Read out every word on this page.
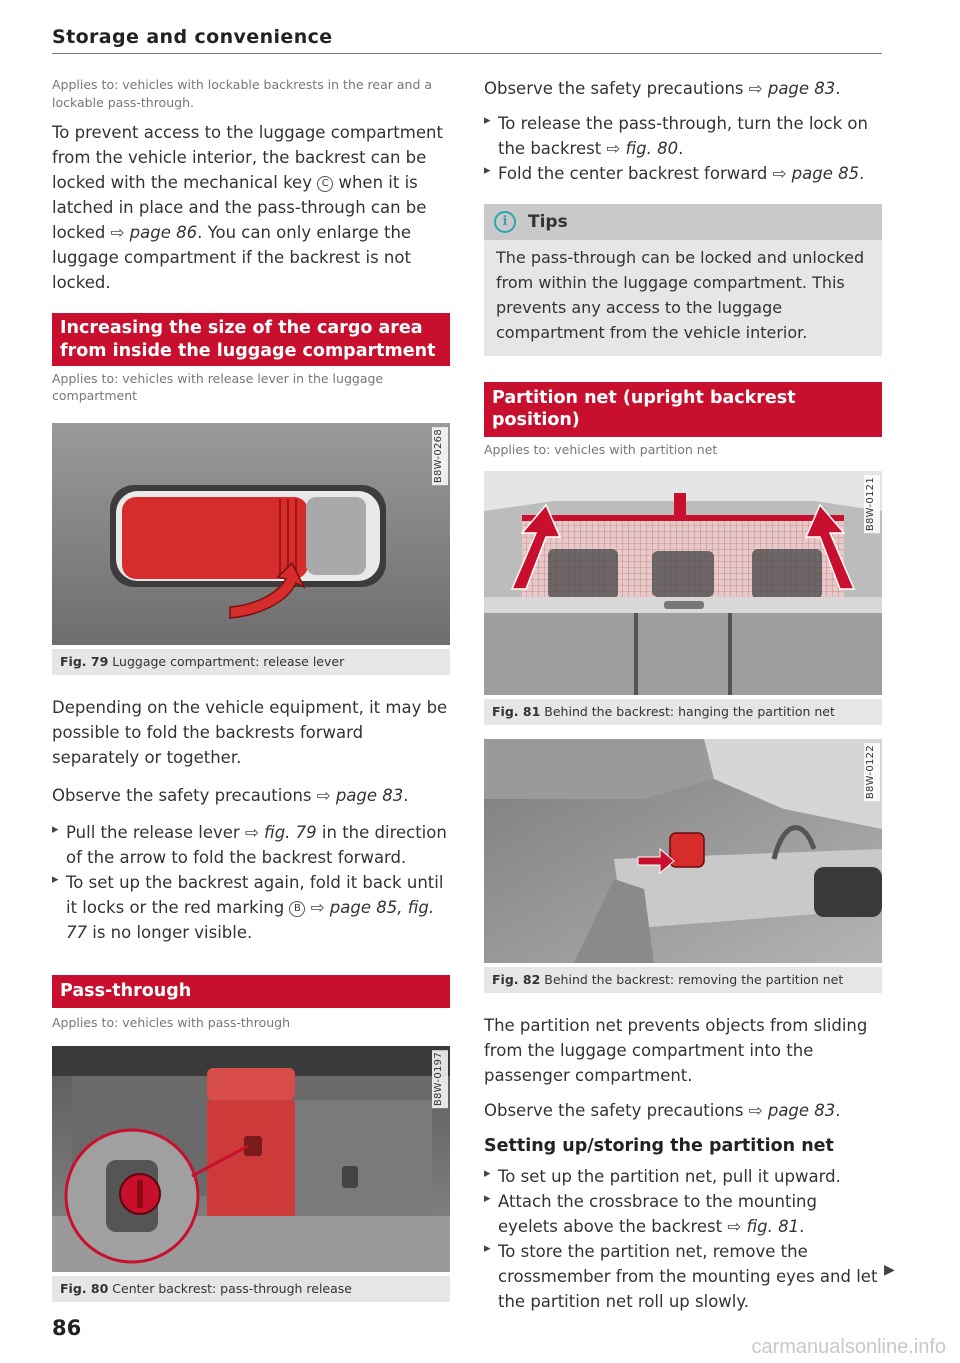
Storage and convenience

Applies to: vehicles with lockable backrests in the rear and a lockable pass-through.

To prevent access to the luggage compartment from the vehicle interior, the backrest can be locked with the mechanical key C when it is latched in place and the pass-through can be locked ⇨ page 86. You can only enlarge the luggage compartment if the backrest is not locked.

Increasing the size of the cargo area from inside the luggage compartment

Applies to: vehicles with release lever in the luggage compartment

B8W-0268
Fig. 79 Luggage compartment: release lever

Depending on the vehicle equipment, it may be possible to fold the backrests forward separately or together.

Observe the safety precautions ⇨ page 83.

▸ Pull the release lever ⇨ fig. 79 in the direction of the arrow to fold the backrest forward.
▸ To set up the backrest again, fold it back until it locks or the red marking B ⇨ page 85, fig. 77 is no longer visible.
Pass-through

Applies to: vehicles with pass-through

B8W-0197
Fig. 80 Center backrest: pass-through release

Observe the safety precautions ⇨ page 83.

▸ To release the pass-through, turn the lock on the backrest ⇨ fig. 80.
▸ Fold the center backrest forward ⇨ page 85.
i	Tips
The pass-through can be locked and unlocked from within the luggage compartment. This prevents any access to the luggage compartment from the vehicle interior.
Partition net (upright backrest position)

Applies to: vehicles with partition net

B8W-0121
Fig. 81 Behind the backrest: hanging the partition net
B8W-0122
Fig. 82 Behind the backrest: removing the partition net

The partition net prevents objects from sliding from the luggage compartment into the passenger compartment.

Observe the safety precautions ⇨ page 83.

Setting up/storing the partition net
▸ To set up the partition net, pull it upward.
▸ Attach the crossbrace to the mounting eyelets above the backrest ⇨ fig. 81.
▸ To store the partition net, remove the crossmember from the mounting eyes and let the partition net roll up slowly.
▶
86
carmanualsonline.info
